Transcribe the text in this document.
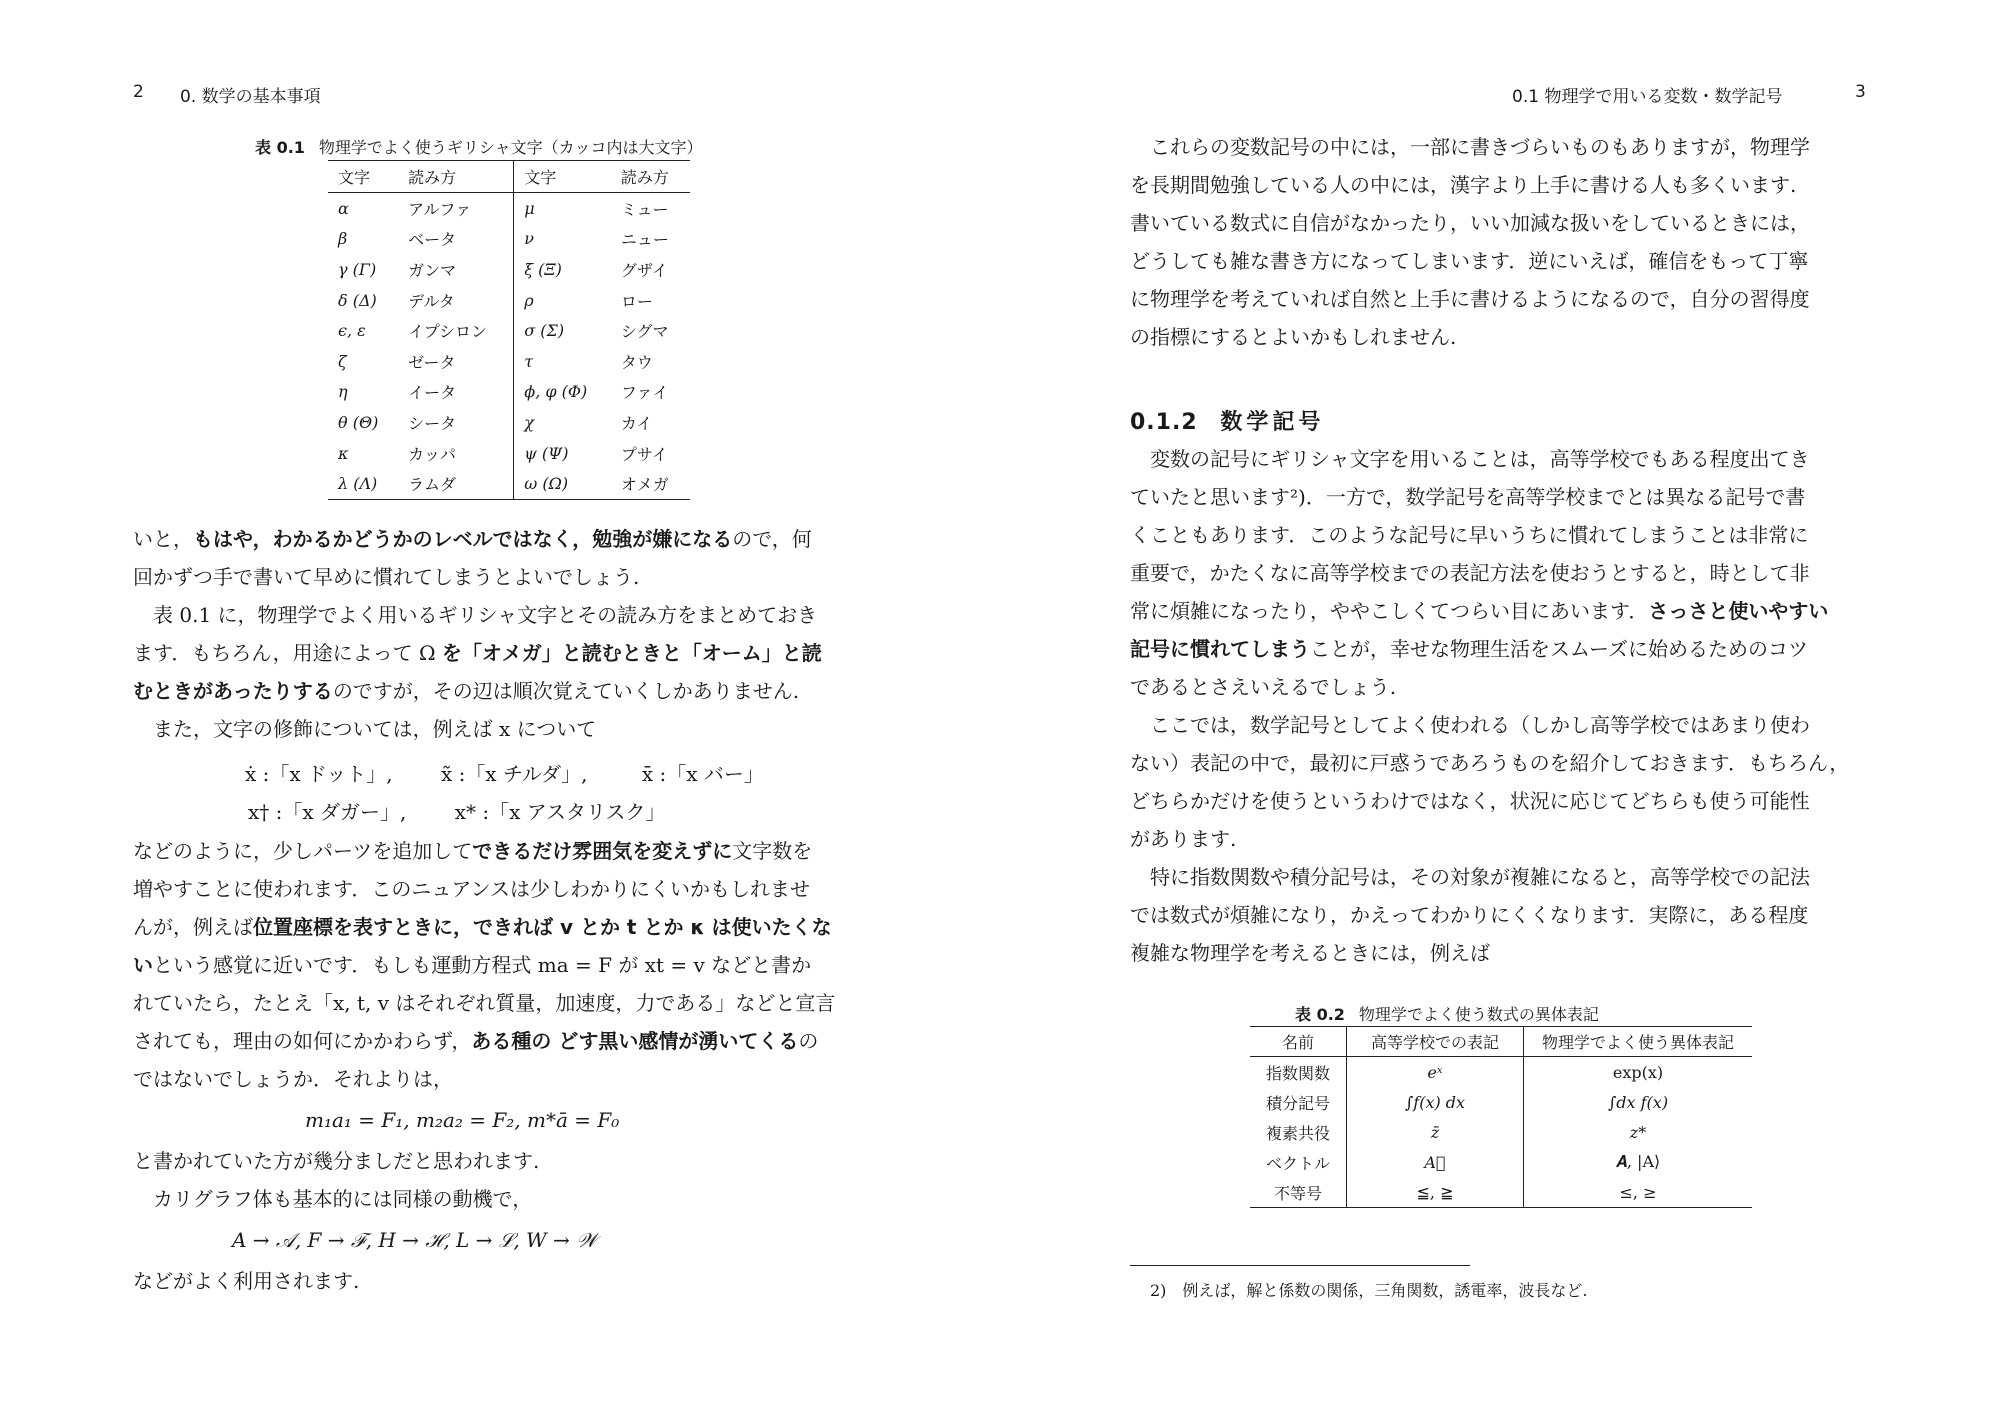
2 0. 数学の基本事項
表 0.1 物理学でよく使うギリシャ文字（カッコ内は大文字）
文字	読み方	文字	読み方
α	アルファ	μ	ミュー
β	ベータ	ν	ニュー
γ (Γ)	ガンマ	ξ (Ξ)	グザイ
δ (Δ)	デルタ	ρ	ロー
ϵ, ε	イプシロン	σ (Σ)	シグマ
ζ	ゼータ	τ	タウ
η	イータ	ϕ, φ (Φ)	ファイ
θ (Θ)	シータ	χ	カイ
κ	カッパ	ψ (Ψ)	プサイ
λ (Λ)	ラムダ	ω (Ω)	オメガ
いと，もはや，わかるかどうかのレベルではなく，勉強が嫌になるので，何
回かずつ手で書いて早めに慣れてしまうとよいでしょう.
表 0.1 に，物理学でよく用いるギリシャ文字とその読み方をまとめておき
ます．もちろん，用途によって Ω を「オメガ」と読むときと「オーム」と読
むときがあったりするのですが，その辺は順次覚えていくしかありません.
また，文字の修飾については，例えば x について
ẋ :「x ドット」, x̃ :「x チルダ」,	x̄ :「x バー」
x† :「x ダガー」, x* :「x アスタリスク」
などのように，少しパーツを追加してできるだけ雰囲気を変えずに文字数を
増やすことに使われます．このニュアンスは少しわかりにくいかもしれませ
んが，例えば位置座標を表すときに，できれば v とか t とか κ は使いたくな
いという感覚に近いです．もしも運動方程式 ma = F が xt = v などと書か
れていたら，たとえ「x, t, v はそれぞれ質量，加速度，力である」などと宣言
されても，理由の如何にかかわらず，ある種の どす黒い感情が湧いてくるの
ではないでしょうか．それよりは，
m₁a₁ = F₁, m₂a₂ = F₂, m*ā = F₀
と書かれていた方が幾分ましだと思われます.
カリグラフ体も基本的には同様の動機で，
A → 𝒜, F → ℱ, H → ℋ, L → ℒ, W → 𝒲
などがよく利用されます.
0.1 物理学で用いる変数・数学記号	3
これらの変数記号の中には，一部に書きづらいものもありますが，物理学
を長期間勉強している人の中には，漢字より上手に書ける人も多くいます.
書いている数式に自信がなかったり，いい加減な扱いをしているときには，
どうしても雑な書き方になってしまいます．逆にいえば，確信をもって丁寧
に物理学を考えていれば自然と上手に書けるようになるので，自分の習得度
の指標にするとよいかもしれません.
0.1.2 数学記号
変数の記号にギリシャ文字を用いることは，高等学校でもある程度出てき
ていたと思います²)．一方で，数学記号を高等学校までとは異なる記号で書
くこともあります．このような記号に早いうちに慣れてしまうことは非常に
重要で，かたくなに高等学校までの表記方法を使おうとすると，時として非
常に煩雑になったり，ややこしくてつらい目にあいます．さっさと使いやすい
記号に慣れてしまうことが，幸せな物理生活をスムーズに始めるためのコツ
であるとさえいえるでしょう.
ここでは，数学記号としてよく使われる（しかし高等学校ではあまり使わ
ない）表記の中で，最初に戸惑うであろうものを紹介しておきます．もちろん，
どちらかだけを使うというわけではなく，状況に応じてどちらも使う可能性
があります.
特に指数関数や積分記号は，その対象が複雑になると，高等学校での記法
では数式が煩雑になり，かえってわかりにくくなります．実際に，ある程度
複雑な物理学を考えるときには，例えば
表 0.2 物理学でよく使う数式の異体表記
名前	高等学校での表記	物理学でよく使う異体表記
指数関数	eˣ	exp(x)
積分記号	∫f(x) dx	∫dx f(x)
複素共役	z̄	z*
ベクトル	A⃗	𝑨, |A⟩
不等号	≦, ≧	≤, ≥
2)　例えば，解と係数の関係，三角関数，誘電率，波長など.
